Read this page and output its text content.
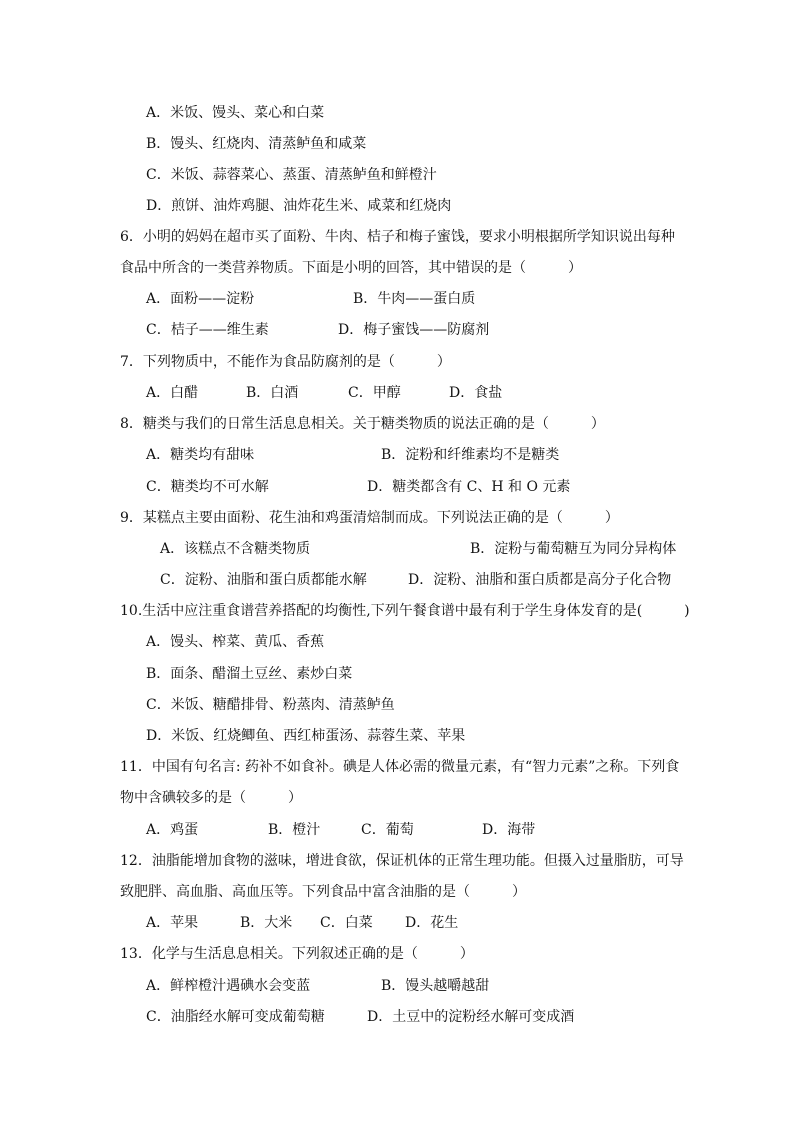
A．米饭、馒头、菜心和白菜
B．馒头、红烧肉、清蒸鲈鱼和咸菜
C．米饭、蒜蓉菜心、蒸蛋、清蒸鲈鱼和鲜橙汁
D．煎饼、油炸鸡腿、油炸花生米、咸菜和红烧肉
6．小明的妈妈在超市买了面粉、牛肉、桔子和梅子蜜饯，要求小明根据所学知识说出每种
食品中所含的一类营养物质。下面是小明的回答，其中错误的是（　　　）
A．面粉——淀粉	B．牛肉——蛋白质
C．桔子——维生素	D．梅子蜜饯——防腐剂
7．下列物质中，不能作为食品防腐剂的是（　　　）
A．白醋	B．白酒	C．甲醇	D．食盐
8．糖类与我们的日常生活息息相关。关于糖类物质的说法正确的是（　　　）
A．糖类均有甜味	B．淀粉和纤维素均不是糖类
C．糖类均不可水解	D．糖类都含有 C、H 和 O 元素
9．某糕点主要由面粉、花生油和鸡蛋清焙制而成。下列说法正确的是（　　　）
A．该糕点不含糖类物质	B．淀粉与葡萄糖互为同分异构体
C．淀粉、油脂和蛋白质都能水解	D．淀粉、油脂和蛋白质都是高分子化合物
10.生活中应注重食谱营养搭配的均衡性,下列午餐食谱中最有利于学生身体发育的是(　　　)
A．馒头、榨菜、黄瓜、香蕉
B．面条、醋溜土豆丝、素炒白菜
C．米饭、糖醋排骨、粉蒸肉、清蒸鲈鱼
D．米饭、红烧鲫鱼、西红柿蛋汤、蒜蓉生菜、苹果
11．中国有句名言: 药补不如食补。碘是人体必需的微量元素，有“智力元素”之称。下列食
物中含碘较多的是（　　　）
A．鸡蛋	B．橙汁	C．葡萄	D．海带
12．油脂能增加食物的滋味，增进食欲，保证机体的正常生理功能。但摄入过量脂肪，可导
致肥胖、高血脂、高血压等。下列食品中富含油脂的是（　　　）
A．苹果	B．大米 C．白菜 D．花生
13．化学与生活息息相关。下列叙述正确的是（　　　）
A．鲜榨橙汁遇碘水会变蓝	B．馒头越嚼越甜
C．油脂经水解可变成葡萄糖	D．土豆中的淀粉经水解可变成酒
